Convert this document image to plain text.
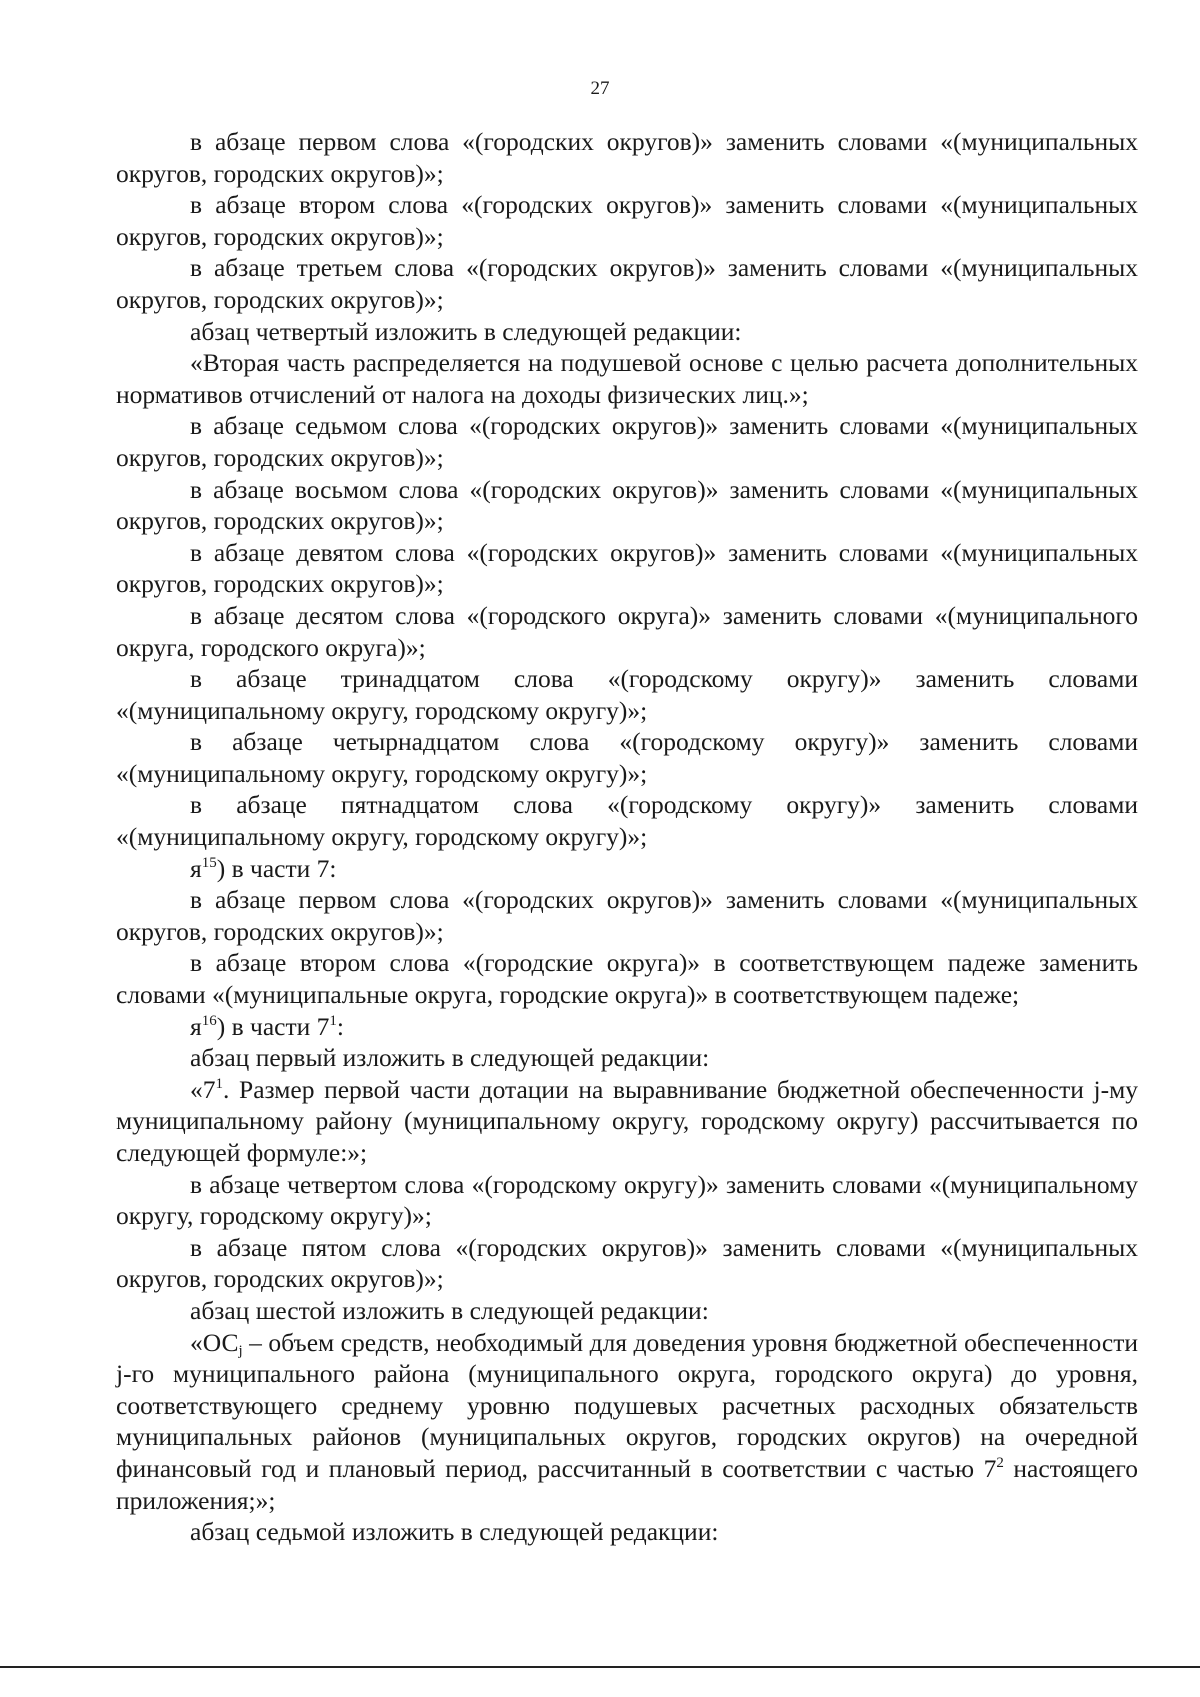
27

в абзаце первом слова «(городских округов)» заменить словами «(муниципальных округов, городских округов)»;

в абзаце втором слова «(городских округов)» заменить словами «(муниципальных округов, городских округов)»;

в абзаце третьем слова «(городских округов)» заменить словами «(муниципальных округов, городских округов)»;

абзац четвертый изложить в следующей редакции:

«Вторая часть распределяется на подушевой основе с целью расчета дополнительных нормативов отчислений от налога на доходы физических лиц.»;

в абзаце седьмом слова «(городских округов)» заменить словами «(муниципальных округов, городских округов)»;

в абзаце восьмом слова «(городских округов)» заменить словами «(муниципальных округов, городских округов)»;

в абзаце девятом слова «(городских округов)» заменить словами «(муниципальных округов, городских округов)»;

в абзаце десятом слова «(городского округа)» заменить словами «(муниципального округа, городского округа)»;

в абзаце тринадцатом слова «(городскому округу)» заменить словами «(муниципальному округу, городскому округу)»;

в абзаце четырнадцатом слова «(городскому округу)» заменить словами «(муниципальному округу, городскому округу)»;

в абзаце пятнадцатом слова «(городскому округу)» заменить словами «(муниципальному округу, городскому округу)»;

$я^{15}$) в части 7:

в абзаце первом слова «(городских округов)» заменить словами «(муниципальных округов, городских округов)»;

в абзаце втором слова «(городские округа)» в соответствующем падеже заменить словами «(муниципальные округа, городские округа)» в соответствующем падеже;

$я^{16}$) в части $7^1$:

абзац первый изложить в следующей редакции:

«$7^1$. Размер первой части дотации на выравнивание бюджетной обеспеченности j-му муниципальному району (муниципальному округу, городскому округу) рассчитывается по следующей формуле:»;

в абзаце четвертом слова «(городскому округу)» заменить словами «(муниципальному округу, городскому округу)»;

в абзаце пятом слова «(городских округов)» заменить словами «(муниципальных округов, городских округов)»;

абзац шестой изложить в следующей редакции:

«$ОС_j$ – объем средств, необходимый для доведения уровня бюджетной обеспеченности j-го муниципального района (муниципального округа, городского округа) до уровня, соответствующего среднему уровню подушевых расчетных расходных обязательств муниципальных районов (муниципальных округов, городских округов) на очередной финансовый год и плановый период, рассчитанный в соответствии с частью $7^2$ настоящего приложения;»;

абзац седьмой изложить в следующей редакции:
